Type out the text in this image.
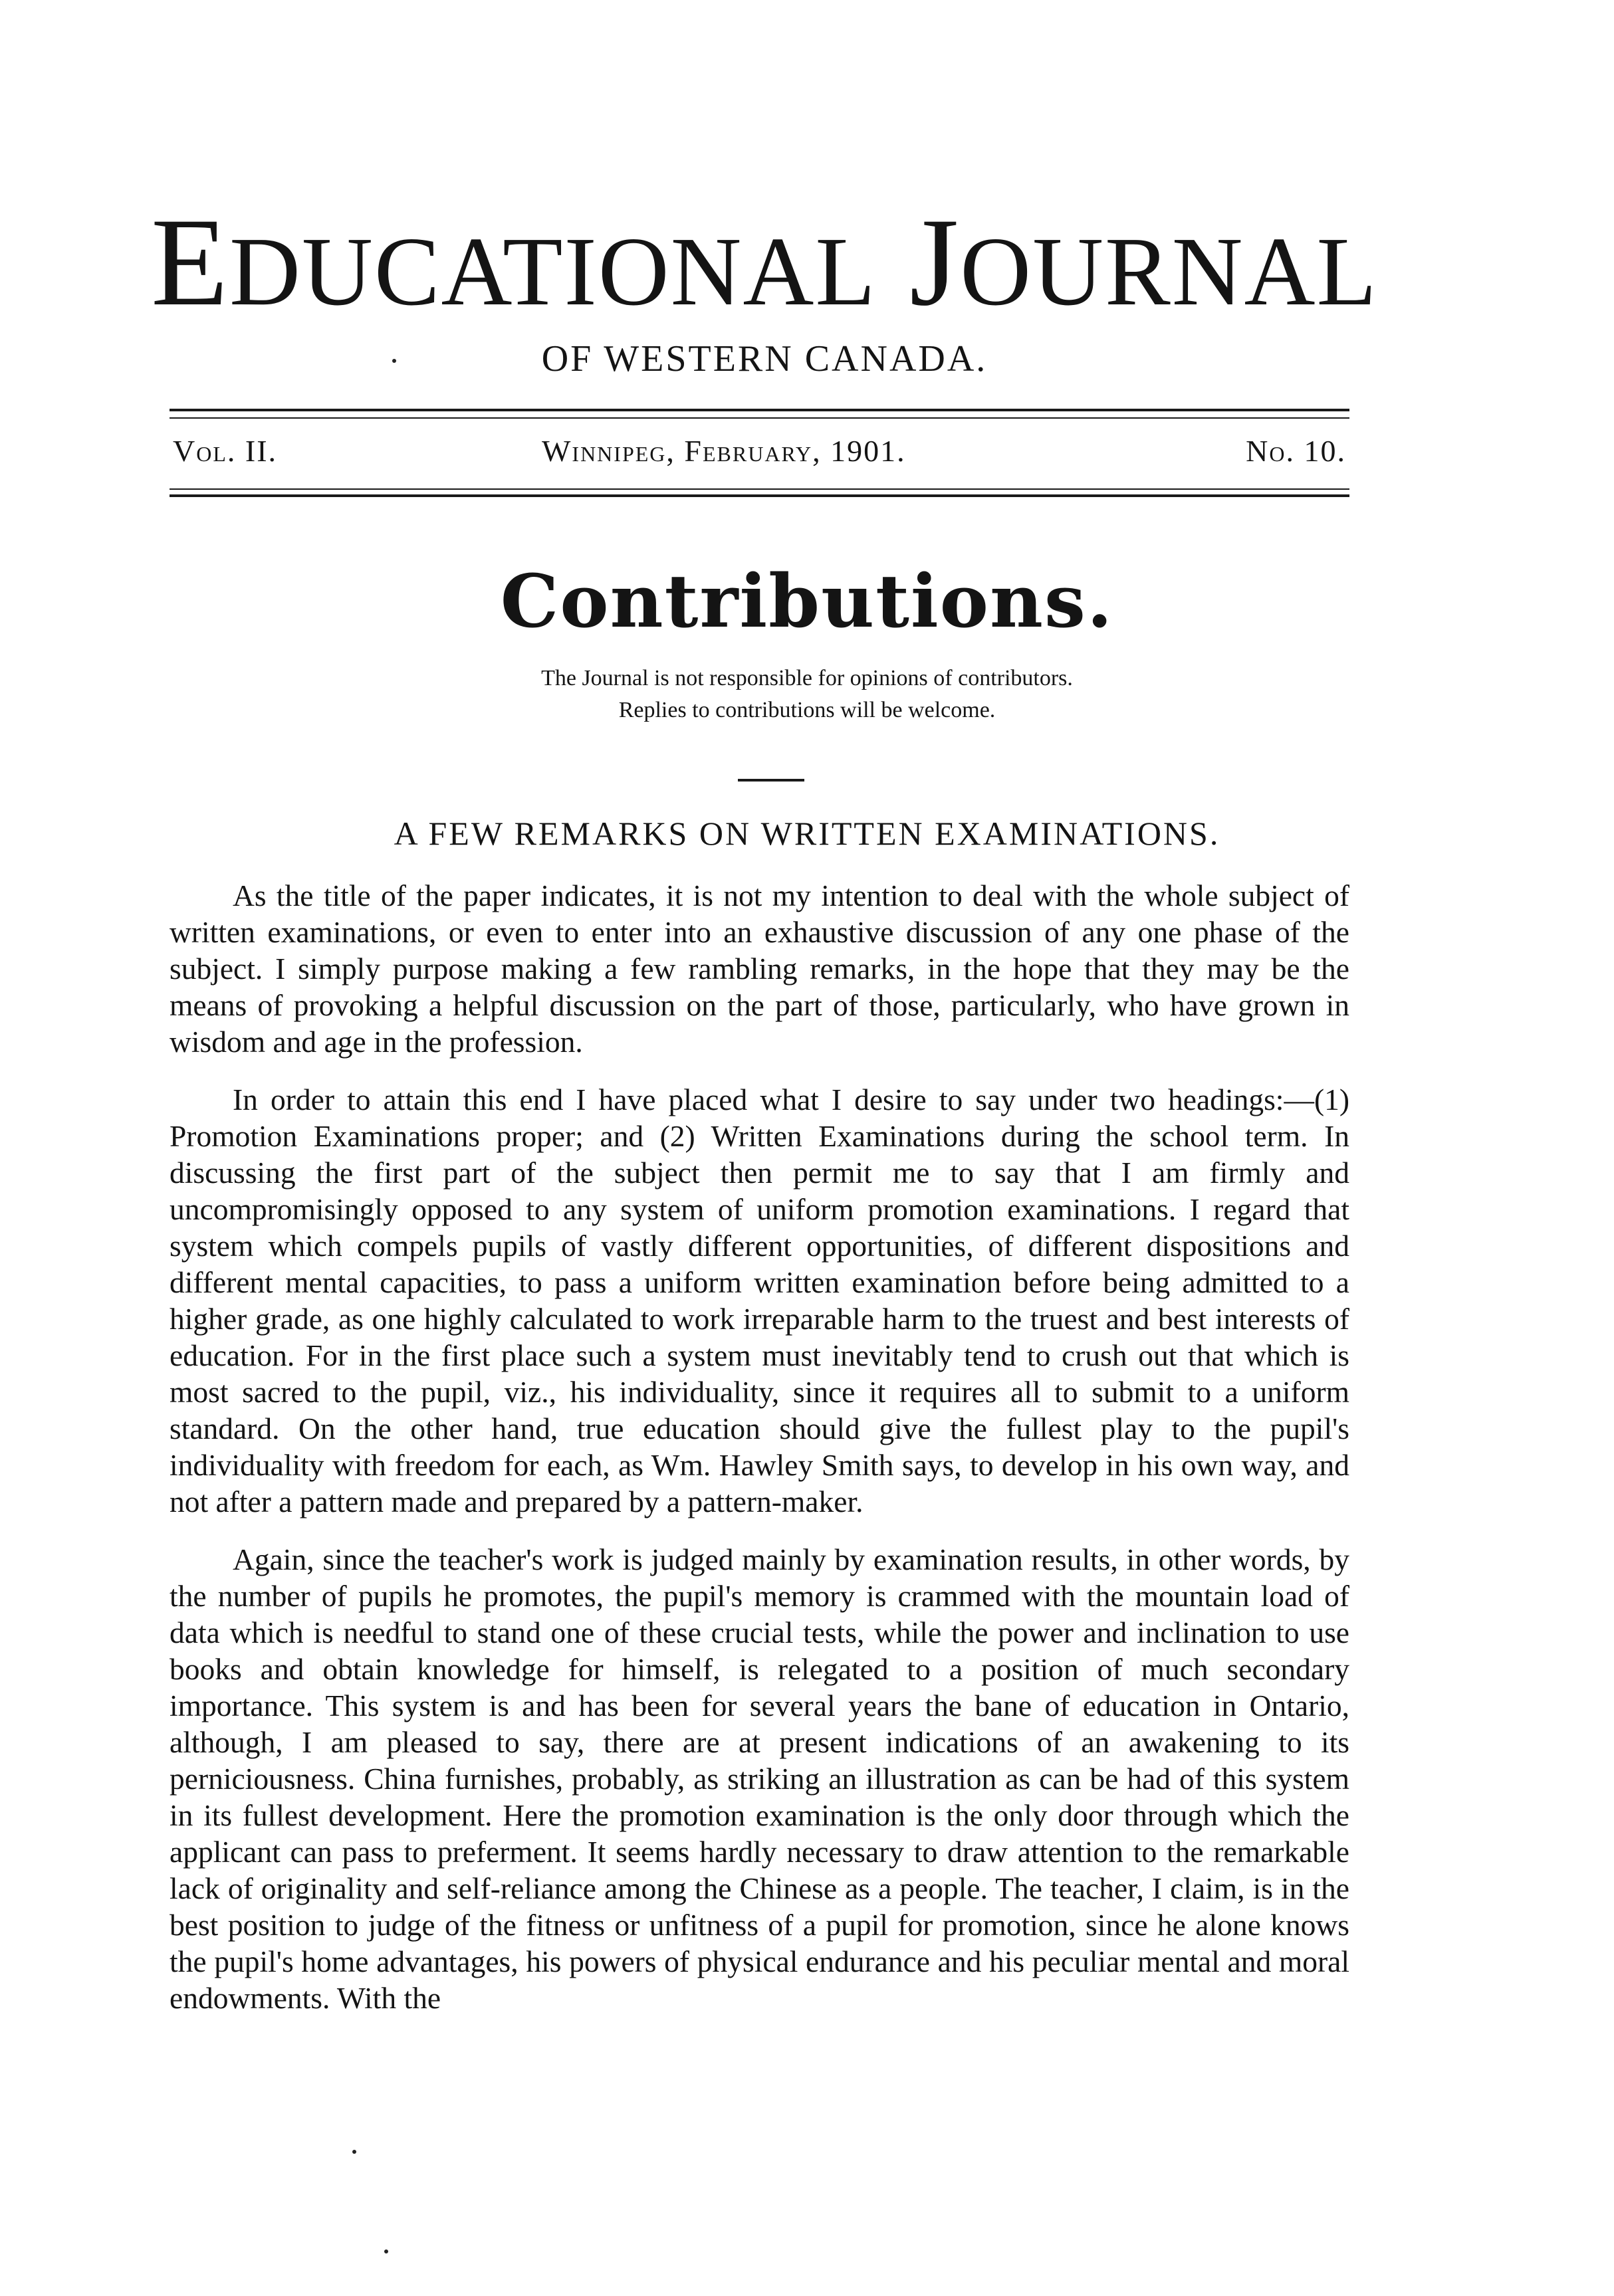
EDUCATIONAL JOURNAL
OF WESTERN CANADA.
Vol. II.	Winnipeg, February, 1901.	No. 10.
Contributions.
The Journal is not responsible for opinions of contributors.
Replies to contributions will be welcome.
A FEW REMARKS ON WRITTEN EXAMINATIONS.

As the title of the paper indicates, it is not my intention to deal with the whole subject of written examinations, or even to enter into an exhaustive discussion of any one phase of the subject. I simply purpose making a few rambling remarks, in the hope that they may be the means of provoking a helpful discussion on the part of those, particularly, who have grown in wisdom and age in the profession.

In order to attain this end I have placed what I desire to say under two headings:—(1) Promotion Examinations proper; and (2) Written Examinations during the school term. In discussing the first part of the subject then permit me to say that I am firmly and uncompromisingly opposed to any system of uniform promotion examinations. I regard that system which compels pupils of vastly different opportunities, of different dispositions and different mental capacities, to pass a uniform written examination before being admitted to a higher grade, as one highly calculated to work irreparable harm to the truest and best interests of education. For in the first place such a system must inevitably tend to crush out that which is most sacred to the pupil, viz., his individuality, since it requires all to submit to a uniform standard. On the other hand, true education should give the fullest play to the pupil's individuality with freedom for each, as Wm. Hawley Smith says, to develop in his own way, and not after a pattern made and prepared by a pattern-maker.

Again, since the teacher's work is judged mainly by examination results, in other words, by the number of pupils he promotes, the pupil's memory is crammed with the mountain load of data which is needful to stand one of these crucial tests, while the power and inclination to use books and obtain knowledge for himself, is relegated to a position of much secondary importance. This system is and has been for several years the bane of education in Ontario, although, I am pleased to say, there are at present indications of an awakening to its perniciousness. China furnishes, probably, as striking an illustration as can be had of this system in its fullest development. Here the promotion examination is the only door through which the applicant can pass to preferment. It seems hardly necessary to draw attention to the remarkable lack of originality and self-reliance among the Chinese as a people. The teacher, I claim, is in the best position to judge of the fitness or unfitness of a pupil for promotion, since he alone knows the pupil's home advantages, his powers of physical endurance and his peculiar mental and moral endowments. With the
